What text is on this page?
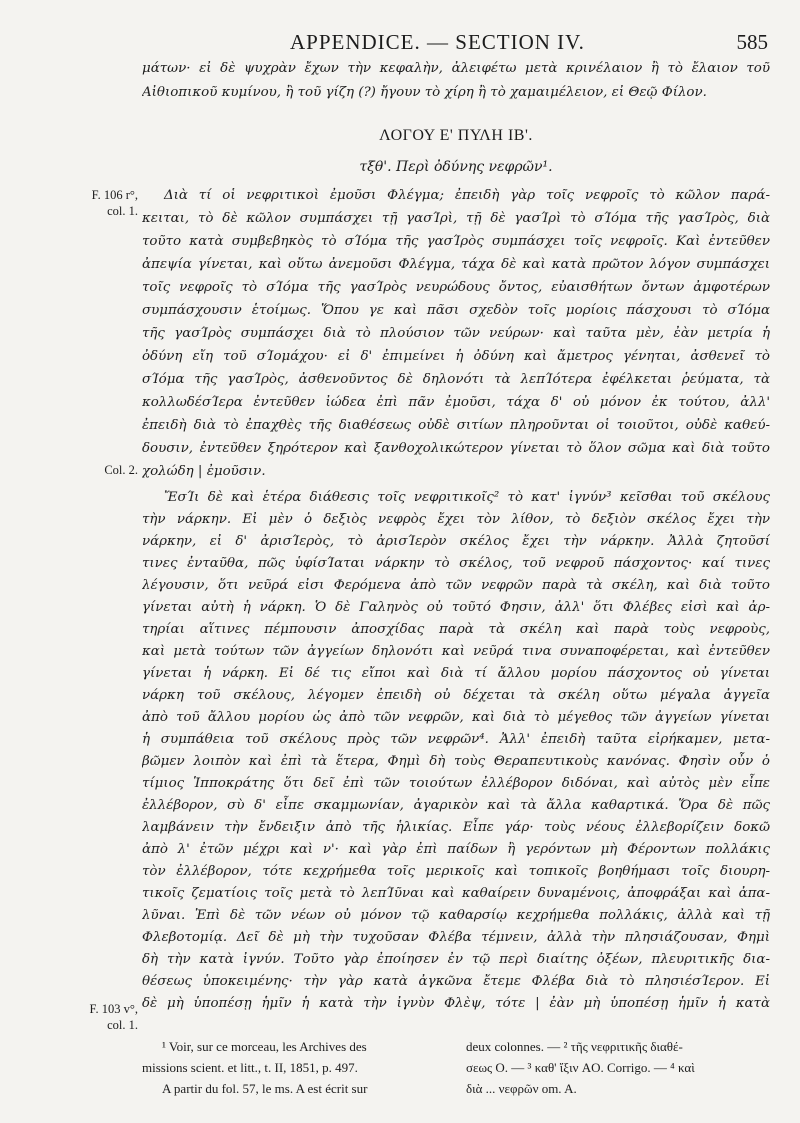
APPENDICE. — SECTION IV.	585
μάτων· εἰ δὲ ψυχρὰν ἔχων τὴν κεφαλὴν, ἀλειφέτω μετὰ κρινέλαιον ἢ τὸ ἔλαιον τοῦ
Αἰθιοπικοῦ κυμίνου, ἢ τοῦ γίζη (?) ἤγουν τὸ χίρη ἢ τὸ χαμαιμέλειον, εἰ Θεῷ Φίλον.
ΛΟΓΟΥ Ε' ΠΥΛΗ ΙΒ'.
τξθ'. Περὶ ὀδύνης νεφρῶν¹.
F. 106 r°,
col. 1.
Col. 2.
F. 103 v°,
col. 1.
Διὰ τί οἱ νεφριτικοὶ ἐμοῦσι Φλέγμα; ἐπειδὴ γὰρ τοῖς νεφροῖς τὸ κῶλον παρά-
κειται, τὸ δὲ κῶλον συμπάσχει τῇ γασΊρὶ, τῇ δὲ γασΊρὶ τὸ σΊόμα τῆς γασΊρὸς, διὰ
τοῦτο κατὰ συμβεβηκὸς τὸ σΊόμα τῆς γασΊρὸς συμπάσχει τοῖς νεφροῖς. Καὶ ἐντεῦθεν
ἀπεψία γίνεται, καὶ οὕτω ἀνεμοῦσι Φλέγμα, τάχα δὲ καὶ κατὰ πρῶτον λόγον συμπάσχει
τοῖς νεφροῖς τὸ σΊόμα τῆς γασΊρὸς νευρώδους ὄντος, εὐαισθήτων ὄντων ἀμφοτέρων
συμπάσχουσιν ἑτοίμως. Ὅπου γε καὶ πᾶσι σχεδὸν τοῖς μορίοις πάσχουσι τὸ σΊόμα
τῆς γασΊρὸς συμπάσχει διὰ τὸ πλούσιον τῶν νεύρων· καὶ ταῦτα μὲν, ἐὰν μετρία ἡ
ὀδύνη εἴη τοῦ σΊομάχου· εἰ δ' ἐπιμείνει ἡ ὀδύνη καὶ ἄμετρος γένηται, ἀσθενεῖ τὸ
σΊόμα τῆς γασΊρὸς, ἀσθενοῦντος δὲ δηλονότι τὰ λεπΊότερα ἐφέλκεται ῥεύματα, τὰ
κολλωδέσΊερα ἐντεῦθεν ἰώδεα ἐπὶ πᾶν ἐμοῦσι, τάχα δ' οὐ μόνον ἐκ τούτου, ἀλλ'
ἐπειδὴ διὰ τὸ ἐπαχθὲς τῆς διαθέσεως οὐδὲ σιτίων πληροῦνται οἱ τοιοῦτοι, οὐδὲ καθεύ-
δουσιν, ἐντεῦθεν ξηρότερον καὶ ξανθοχολικώτερον γίνεται τὸ ὅλον σῶμα καὶ διὰ τοῦτο
χολώδη | ἐμοῦσιν.
ἜσΊι δὲ καὶ ἑτέρα διάθεσις τοῖς νεφριτικοῖς² τὸ κατ' ἰγνύν³ κεῖσθαι τοῦ σκέλους
τὴν νάρκην. Εἰ μὲν ὁ δεξιὸς νεφρὸς ἔχει τὸν λίθον, τὸ δεξιὸν σκέλος ἔχει τὴν
νάρκην, εἰ δ' ἀρισΊερὸς, τὸ ἀρισΊερὸν σκέλος ἔχει τὴν νάρκην. Ἀλλὰ ζητοῦσί
τινες ἐνταῦθα, πῶς ὑφίσΊαται νάρκην τὸ σκέλος, τοῦ νεφροῦ πάσχοντος· καί τινες
λέγουσιν, ὅτι νεῦρά εἰσι Φερόμενα ἀπὸ τῶν νεφρῶν παρὰ τὰ σκέλη, καὶ διὰ τοῦτο
γίνεται αὐτὴ ἡ νάρκη. Ὁ δὲ Γαληνὸς οὐ τοῦτό Φησιν, ἀλλ' ὅτι Φλέβες εἰσὶ καὶ ἀρ-
τηρίαι αἵτινες πέμπουσιν ἀποσχίδας παρὰ τὰ σκέλη καὶ παρὰ τοὺς νεφροὺς,
καὶ μετὰ τούτων τῶν ἀγγείων δηλονότι καὶ νεῦρά τινα συναποφέρεται, καὶ ἐντεῦθεν
γίνεται ἡ νάρκη. Εἰ δέ τις εἴποι καὶ διὰ τί ἄλλου μορίου πάσχοντος οὐ γίνεται
νάρκη τοῦ σκέλους, λέγομεν ἐπειδὴ οὐ δέχεται τὰ σκέλη οὕτω μέγαλα ἀγγεῖα
ἀπὸ τοῦ ἄλλου μορίου ὡς ἀπὸ τῶν νεφρῶν, καὶ διὰ τὸ μέγεθος τῶν ἀγγείων γίνεται
ἡ συμπάθεια τοῦ σκέλους πρὸς τῶν νεφρῶν⁴. Ἀλλ' ἐπειδὴ ταῦτα εἰρήκαμεν, μετα-
βῶμεν λοιπὸν καὶ ἐπὶ τὰ ἕτερα, Φημὶ δὴ τοὺς Θεραπευτικοὺς κανόνας. Φησὶν οὖν ὁ
τίμιος Ἱπποκράτης ὅτι δεῖ ἐπὶ τῶν τοιούτων ἐλλέβορον διδόναι, καὶ αὐτὸς μὲν εἶπε
ἐλλέβορον, σὺ δ' εἶπε σκαμμωνίαν, ἀγαρικὸν καὶ τὰ ἄλλα καθαρτικά. Ὅρα δὲ πῶς
λαμβάνειν τὴν ἔνδειξιν ἀπὸ τῆς ἡλικίας. Εἶπε γάρ· τοὺς νέους ἐλλεβορίζειν δοκῶ
ἀπὸ λ' ἐτῶν μέχρι καὶ ν'· καὶ γὰρ ἐπὶ παίδων ἢ γερόντων μὴ Φέροντων πολλάκις
τὸν ἐλλέβορον, τότε κεχρήμεθα τοῖς μερικοῖς καὶ τοπικοῖς βοηθήμασι τοῖς διουρη-
τικοῖς ζεματίοις τοῖς μετὰ τὸ λεπΊῦναι καὶ καθαίρειν δυναμένοις, ἀποφράξαι καὶ ἀπα-
λῦναι. Ἐπὶ δὲ τῶν νέων οὐ μόνον τῷ καθαρσίῳ κεχρήμεθα πολλάκις, ἀλλὰ καὶ τῇ
Φλεβοτομίᾳ. Δεῖ δὲ μὴ τὴν τυχοῦσαν Φλέβα τέμνειν, ἀλλὰ τὴν πλησιάζουσαν, Φημὶ
δὴ τὴν κατὰ ἰγνύν. Τοῦτο γὰρ ἐποίησεν ἐν τῷ περὶ διαίτης ὀξέων, πλευριτικῆς δια-
θέσεως ὑποκειμένης· τὴν γὰρ κατὰ ἀγκῶνα ἔτεμε Φλέβα διὰ τὸ πλησιέσΊερον. Εἰ
δὲ μὴ ὑποπέσῃ ἡμῖν ἡ κατὰ τὴν ἰγνὺν Φλὲψ, τότε | ἐὰν μὴ ὑποπέσῃ ἡμῖν ἡ κατὰ
¹ Voir, sur ce morceau, les Archives des
missions scient. et litt., t. II, 1851, p. 497.
A partir du fol. 57, le ms. A est écrit sur
deux colonnes. — ² τῆς νεφριτικῆς διαθέ-
σεως O. — ³ καθ' ἴξιν AO. Corrigo. — ⁴ καὶ
διὰ ... νεφρῶν om. A.
